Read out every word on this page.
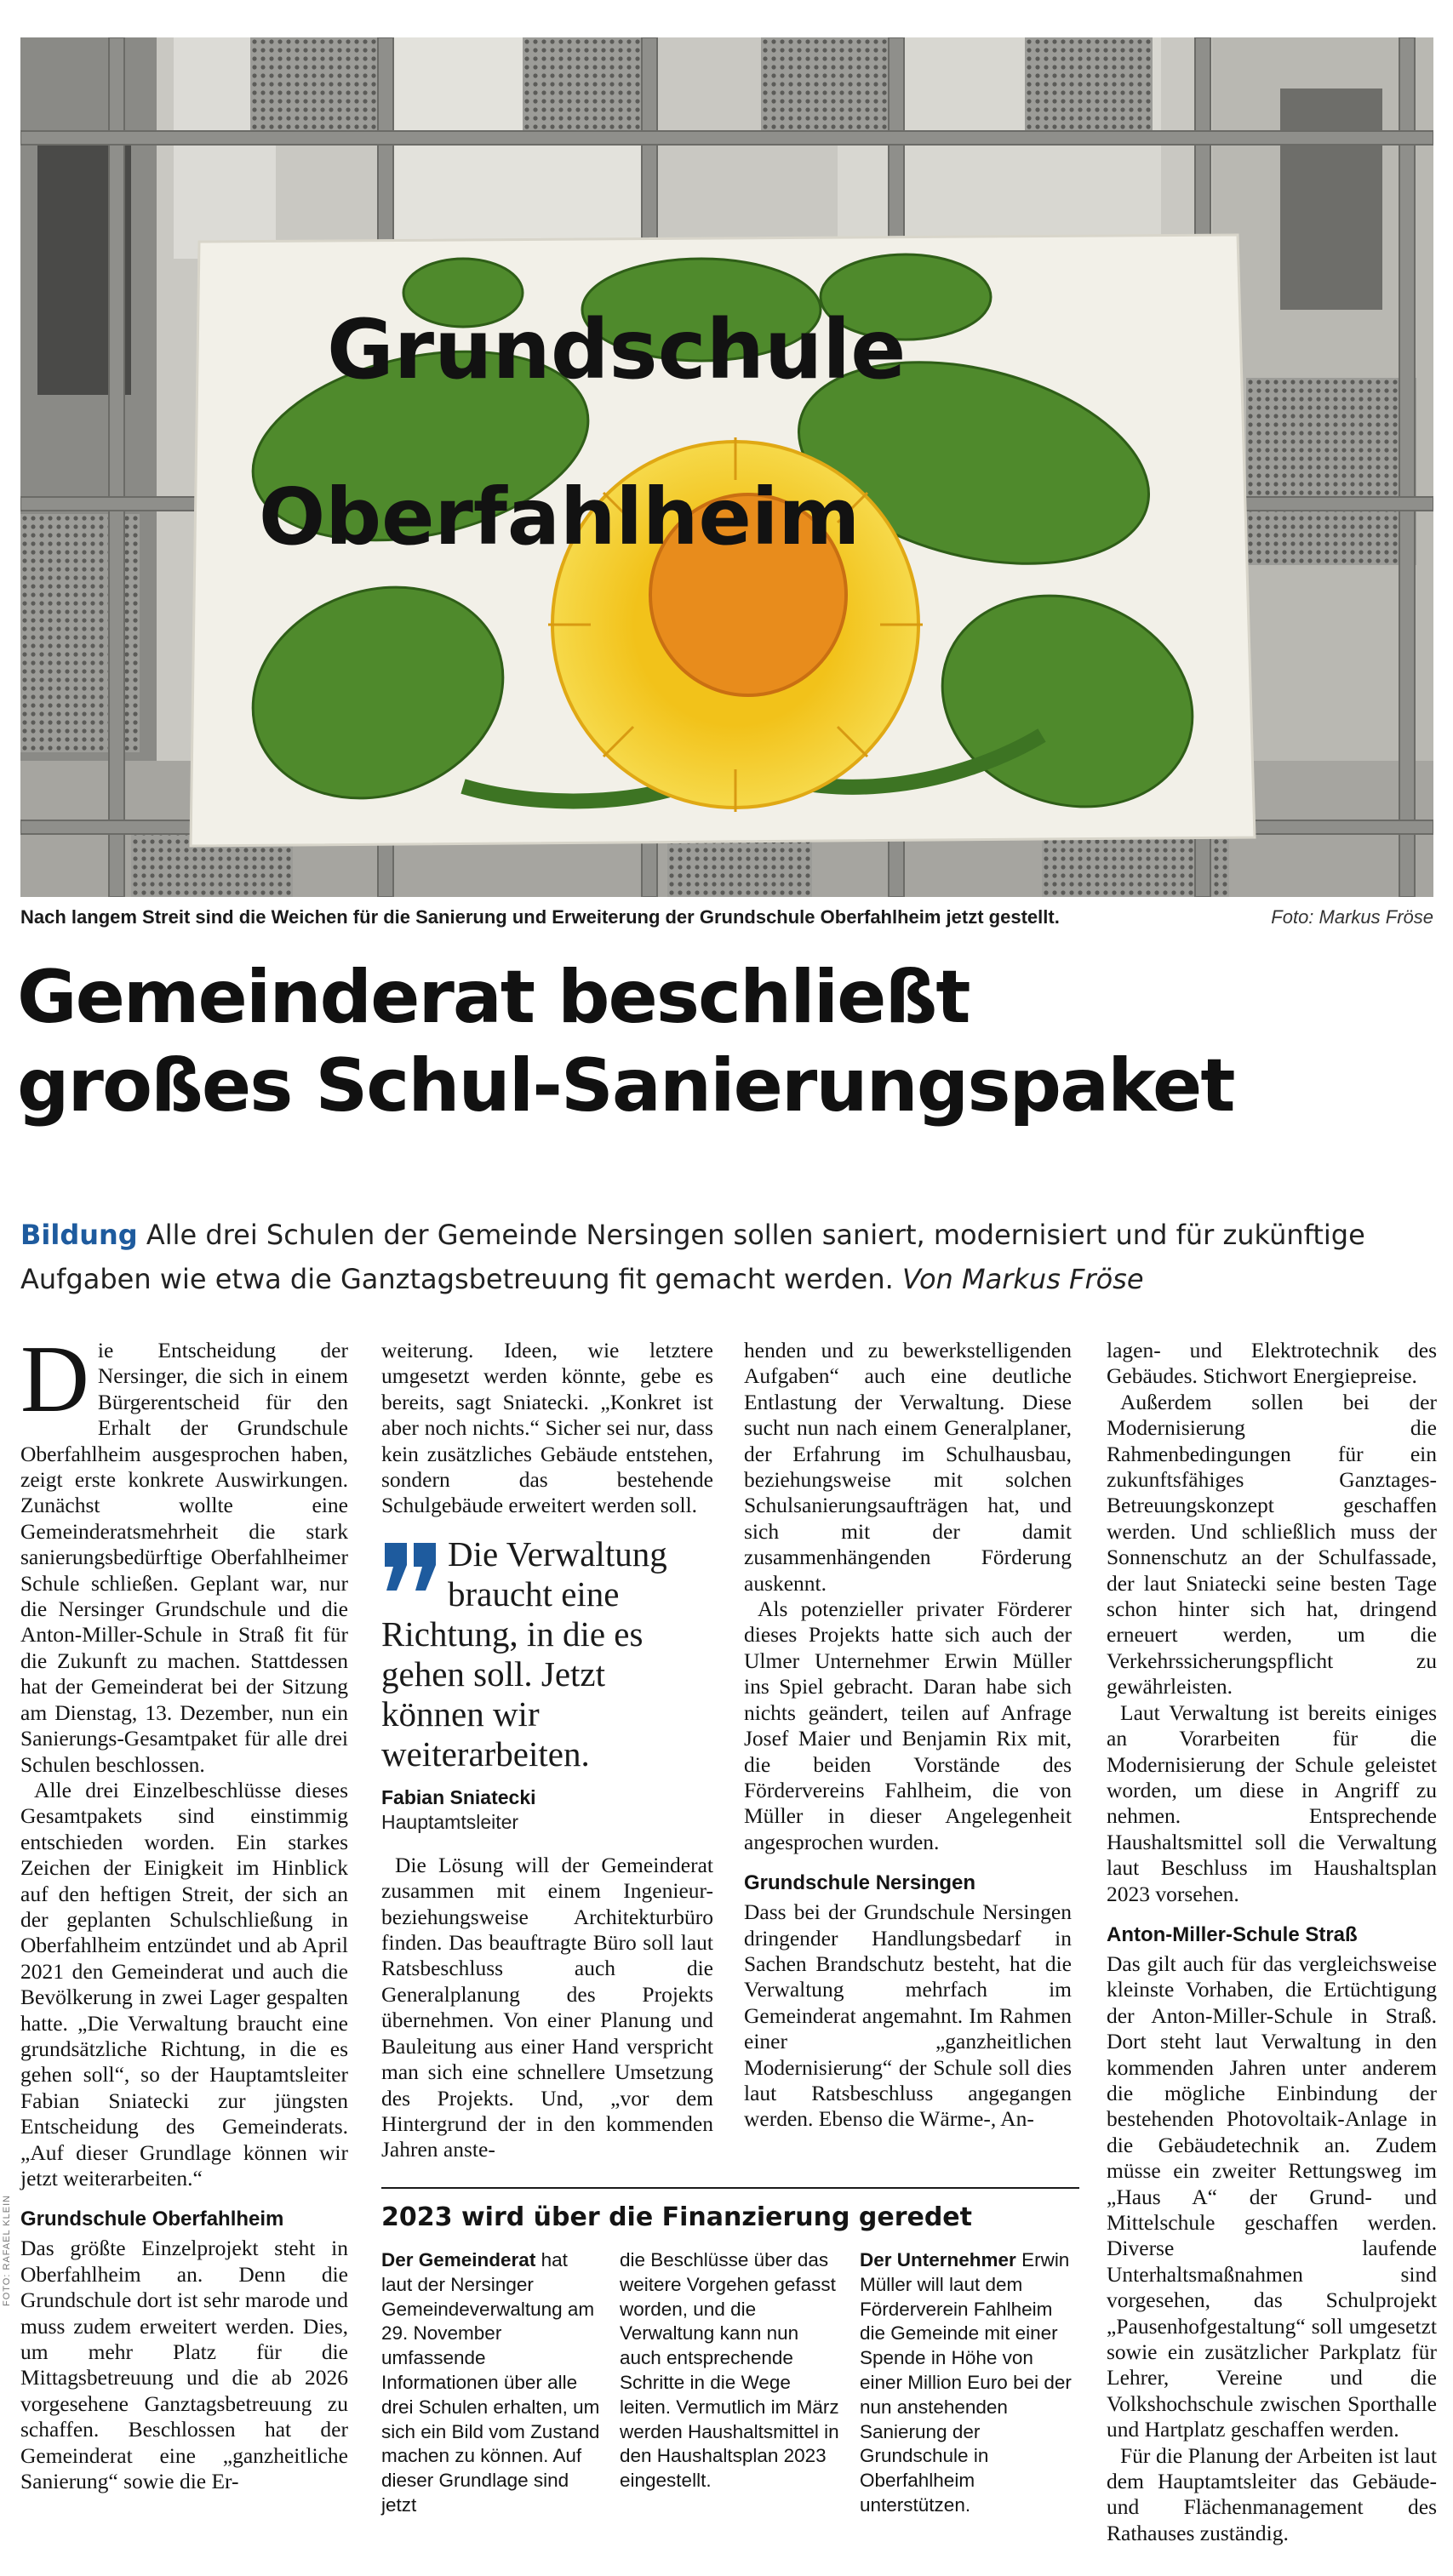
Grundschule
Oberfahlheim
FOTO: RAFAEL KLEIN
Nach langem Streit sind die Weichen für die Sanierung und Erweiterung der Grundschule Oberfahlheim jetzt gestellt.	Foto: Markus Fröse
Gemeinderat beschließt
großes Schul-Sanierungspaket
Bildung Alle drei Schulen der Gemeinde Nersingen sollen saniert, modernisiert und für zukünftige Aufgaben wie etwa die Ganztagsbetreuung fit gemacht werden. Von Markus Fröse

Die Entscheidung der Nersinger, die sich in einem Bürgerentscheid für den Erhalt der Grundschule Oberfahlheim ausgesprochen haben, zeigt erste konkrete Auswirkungen. Zunächst wollte eine Gemeinderatsmehrheit die stark sanierungsbedürftige Oberfahlheimer Schule schließen. Geplant war, nur die Nersinger Grundschule und die Anton-Miller-Schule in Straß fit für die Zukunft zu machen. Stattdessen hat der Gemeinderat bei der Sitzung am Dienstag, 13. Dezember, nun ein Sanierungs-Gesamtpaket für alle drei Schulen beschlossen.

Alle drei Einzelbeschlüsse dieses Gesamtpakets sind einstimmig entschieden worden. Ein starkes Zeichen der Einigkeit im Hinblick auf den heftigen Streit, der sich an der geplanten Schulschließung in Oberfahlheim entzündet und ab April 2021 den Gemeinderat und auch die Bevölkerung in zwei Lager gespalten hatte. „Die Verwaltung braucht eine grundsätzliche Richtung, in die es gehen soll“, so der Hauptamtsleiter Fabian Sniatecki zur jüngsten Entscheidung des Gemeinderats. „Auf dieser Grundlage können wir jetzt weiterarbeiten.“

Grundschule Oberfahlheim

Das größte Einzelprojekt steht in Oberfahlheim an. Denn die Grundschule dort ist sehr marode und muss zudem erweitert werden. Dies, um mehr Platz für die Mittagsbetreuung und die ab 2026 vorgesehene Ganztagsbetreuung zu schaffen. Beschlossen hat der Gemeinderat eine „ganzheitliche Sanierung“ sowie die Er-

weiterung. Ideen, wie letztere umgesetzt werden könnte, gebe es bereits, sagt Sniatecki. „Konkret ist aber noch nichts.“ Sicher sei nur, dass kein zusätzliches Gebäude entstehen, sondern das bestehende Schulgebäude erweitert werden soll.

Die Verwaltung braucht eine Richtung, in die es gehen soll. Jetzt können wir weiterarbeiten.
Fabian Sniatecki
Hauptamtsleiter

Die Lösung will der Gemeinderat zusammen mit einem Ingenieur- beziehungsweise Architekturbüro finden. Das beauftragte Büro soll laut Ratsbeschluss auch die Generalplanung des Projekts übernehmen. Von einer Planung und Bauleitung aus einer Hand verspricht man sich eine schnellere Umsetzung des Projekts. Und, „vor dem Hintergrund der in den kommenden Jahren anste-

henden und zu bewerkstelligenden Aufgaben“ auch eine deutliche Entlastung der Verwaltung. Diese sucht nun nach einem Generalplaner, der Erfahrung im Schulhausbau, beziehungsweise mit solchen Schulsanierungsaufträgen hat, und sich mit der damit zusammenhängenden Förderung auskennt.

Als potenzieller privater Förderer dieses Projekts hatte sich auch der Ulmer Unternehmer Erwin Müller ins Spiel gebracht. Daran habe sich nichts geändert, teilen auf Anfrage Josef Maier und Benjamin Rix mit, die beiden Vorstände des Fördervereins Fahlheim, die von Müller in dieser Angelegenheit angesprochen wurden.

Grundschule Nersingen

Dass bei der Grundschule Nersingen dringender Handlungsbedarf in Sachen Brandschutz besteht, hat die Verwaltung mehrfach im Gemeinderat angemahnt. Im Rahmen einer „ganzheitlichen Modernisierung“ der Schule soll dies laut Ratsbeschluss angegangen werden. Ebenso die Wärme-, An-

lagen- und Elektrotechnik des Gebäudes. Stichwort Energiepreise.

Außerdem sollen bei der Modernisierung die Rahmenbedingungen für ein zukunftsfähiges Ganztages-Betreuungskonzept geschaffen werden. Und schließlich muss der Sonnenschutz an der Schulfassade, der laut Sniatecki seine besten Tage schon hinter sich hat, dringend erneuert werden, um die Verkehrssicherungspflicht zu gewährleisten.

Laut Verwaltung ist bereits einiges an Vorarbeiten für die Modernisierung der Schule geleistet worden, um diese in Angriff zu nehmen. Entsprechende Haushaltsmittel soll die Verwaltung laut Beschluss im Haushaltsplan 2023 vorsehen.

Anton-Miller-Schule Straß

Das gilt auch für das vergleichsweise kleinste Vorhaben, die Ertüchtigung der Anton-Miller-Schule in Straß. Dort steht laut Verwaltung in den kommenden Jahren unter anderem die mögliche Einbindung der bestehenden Photovoltaik-Anlage in die Gebäudetechnik an. Zudem müsse ein zweiter Rettungsweg im „Haus A“ der Grund- und Mittelschule geschaffen werden. Diverse laufende Unterhaltsmaßnahmen sind vorgesehen, das Schulprojekt „Pausenhofgestaltung“ soll umgesetzt sowie ein zusätzlicher Parkplatz für Lehrer, Vereine und die Volkshochschule zwischen Sporthalle und Hartplatz geschaffen werden.

Für die Planung der Arbeiten ist laut dem Hauptamtsleiter das Gebäude- und Flächenmanagement des Rathauses zuständig.

2023 wird über die Finanzierung geredet
Der Gemeinderat hat laut der Nersinger Gemeindeverwaltung am 29. November umfassende Informationen über alle drei Schulen erhalten, um sich ein Bild vom Zustand machen zu können. Auf dieser Grundlage sind jetzt
die Beschlüsse über das weitere Vorgehen gefasst worden, und die Verwaltung kann nun auch entsprechende Schritte in die Wege leiten. Vermutlich im März werden Haushaltsmittel in den Haushaltsplan 2023 eingestellt.
Der Unternehmer Erwin Müller will laut dem Förderverein Fahlheim die Gemeinde mit einer Spende in Höhe von einer Million Euro bei der nun anstehenden Sanierung der Grundschule in Oberfahlheim unterstützen.
